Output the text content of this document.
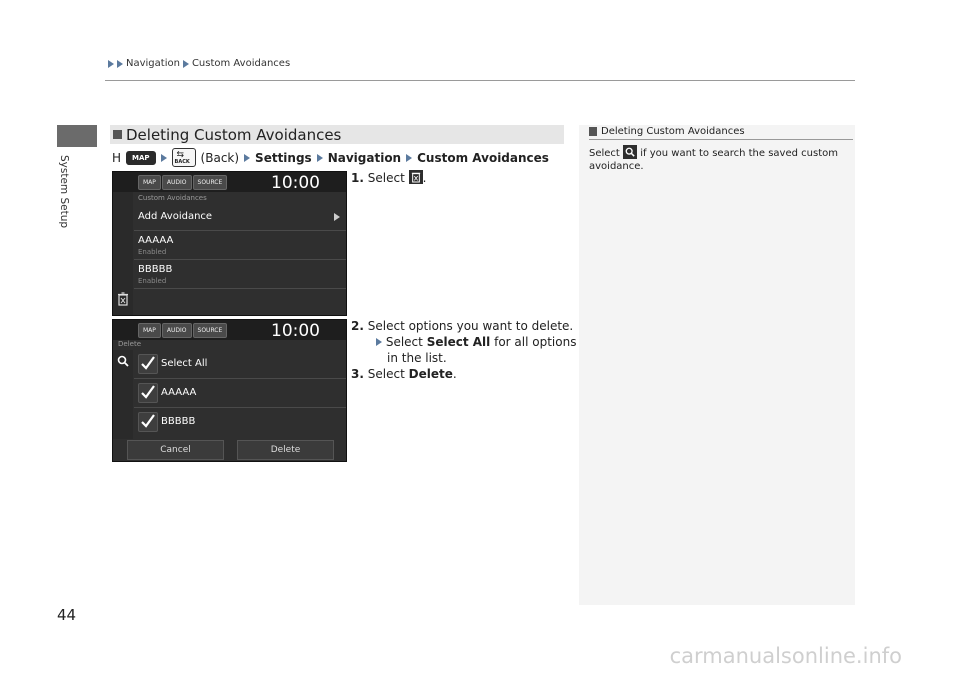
Navigation Custom Avoidances
System Setup
Deleting Custom Avoidances
H	MAP	⇆
BACK (Back) Settings Navigation Custom Avoidances
MAP	AUDIO	SOURCE	10:00
Custom Avoidances
Add Avoidance
AAAAA
Enabled
BBBBB
Enabled
MAP	AUDIO	SOURCE	10:00
Delete
Select All
AAAAA
BBBBB
Cancel	Delete
1. Select .
2. Select options you want to delete.
Select Select All for all options
in the list.
3. Select Delete.
Deleting Custom Avoidances
Select if you want to search the saved custom avoidance.
44
carmanualsonline.info
